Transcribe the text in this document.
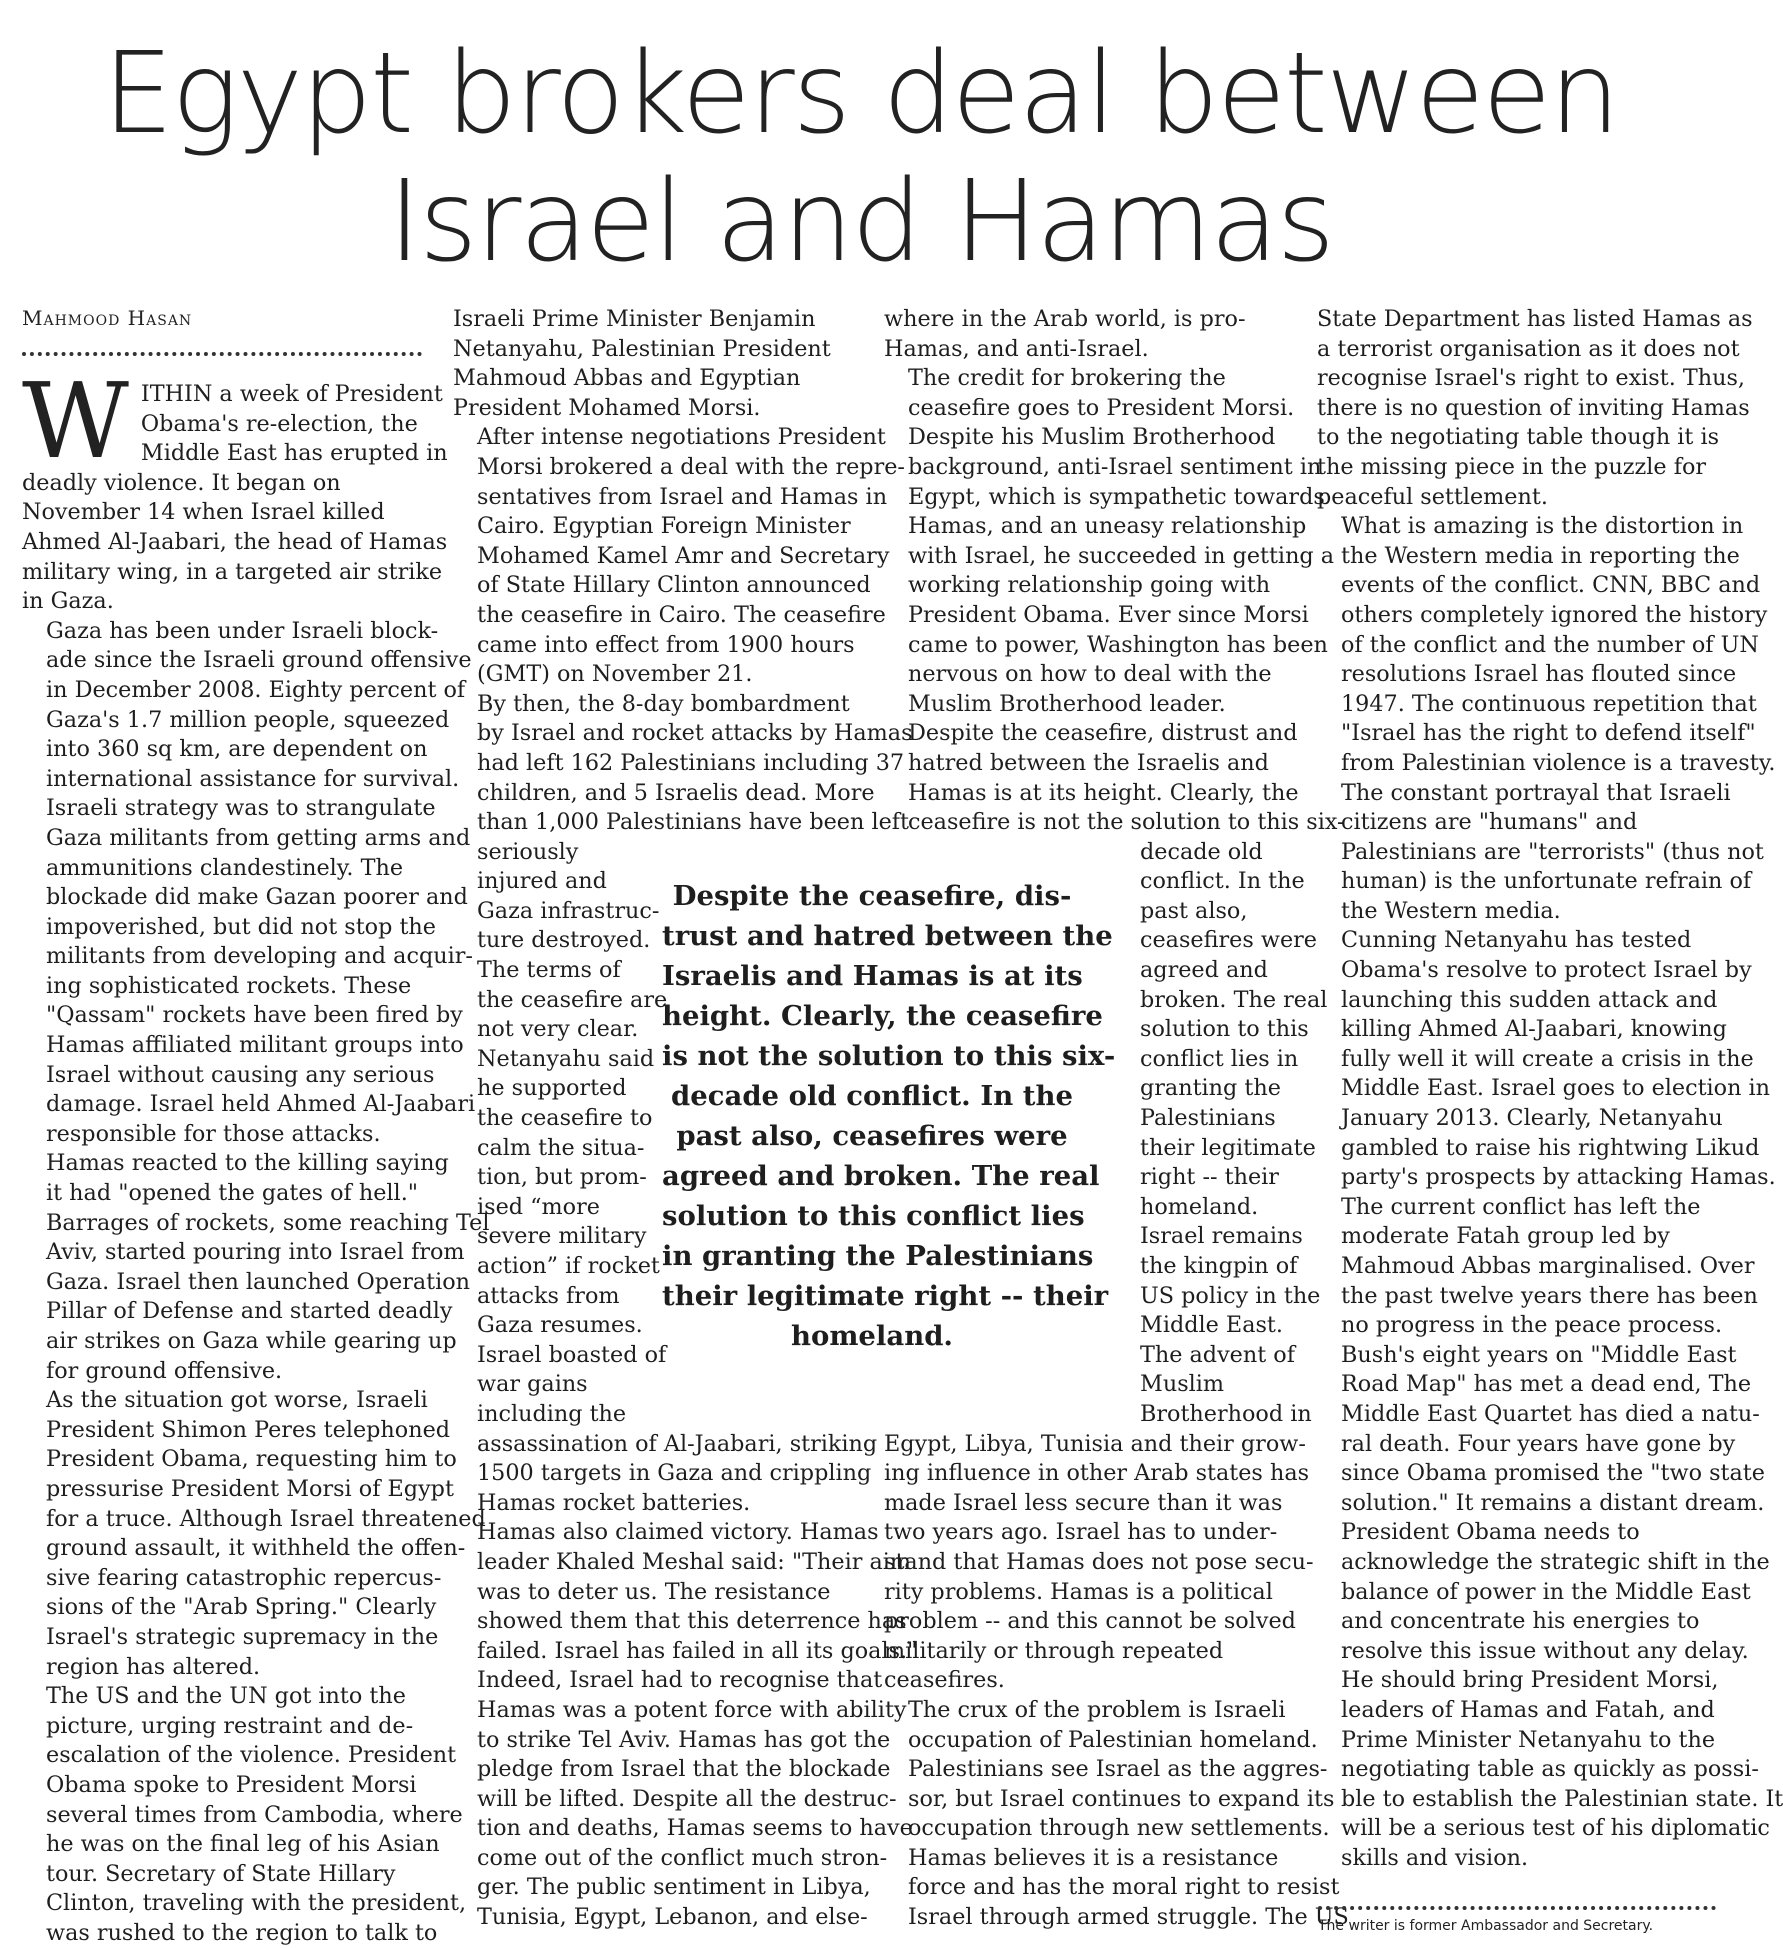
Egypt brokers deal between
Israel and Hamas
Mahmood Hasan
W ITHIN a week of President
Obama's re-election, the
Middle East has erupted in
deadly violence. It began on
November 14 when Israel killed
Ahmed Al-Jaabari, the head of Hamas
military wing, in a targeted air strike
in Gaza.

Gaza has been under Israeli block-
ade since the Israeli ground offensive
in December 2008. Eighty percent of
Gaza's 1.7 million people, squeezed
into 360 sq km, are dependent on
international assistance for survival.

Israeli strategy was to strangulate
Gaza militants from getting arms and
ammunitions clandestinely. The
blockade did make Gazan poorer and
impoverished, but did not stop the
militants from developing and acquir-
ing sophisticated rockets. These
"Qassam" rockets have been fired by
Hamas affiliated militant groups into
Israel without causing any serious
damage. Israel held Ahmed Al-Jaabari
responsible for those attacks.

Hamas reacted to the killing saying
it had "opened the gates of hell."
Barrages of rockets, some reaching Tel
Aviv, started pouring into Israel from
Gaza. Israel then launched Operation
Pillar of Defense and started deadly
air strikes on Gaza while gearing up
for ground offensive.

As the situation got worse, Israeli
President Shimon Peres telephoned
President Obama, requesting him to
pressurise President Morsi of Egypt
for a truce. Although Israel threatened
ground assault, it withheld the offen-
sive fearing catastrophic repercus-
sions of the "Arab Spring." Clearly
Israel's strategic supremacy in the
region has altered.

The US and the UN got into the
picture, urging restraint and de-
escalation of the violence. President
Obama spoke to President Morsi
several times from Cambodia, where
he was on the final leg of his Asian
tour. Secretary of State Hillary
Clinton, traveling with the president,
was rushed to the region to talk to

Israeli Prime Minister Benjamin
Netanyahu, Palestinian President
Mahmoud Abbas and Egyptian
President Mohamed Morsi.

After intense negotiations President
Morsi brokered a deal with the repre-
sentatives from Israel and Hamas in
Cairo. Egyptian Foreign Minister
Mohamed Kamel Amr and Secretary
of State Hillary Clinton announced
the ceasefire in Cairo. The ceasefire
came into effect from 1900 hours
(GMT) on November 21.

By then, the 8-day bombardment
by Israel and rocket attacks by Hamas
had left 162 Palestinians including 37
children, and 5 Israelis dead. More
than 1,000 Palestinians have been left
seriously
injured and
Gaza infrastruc-
ture destroyed.

The terms of
the ceasefire are
not very clear.
Netanyahu said
he supported
the ceasefire to
calm the situa-
tion, but prom-
ised “more
severe military
action” if rocket
attacks from
Gaza resumes.
Israel boasted of
war gains
including the
assassination of Al-Jaabari, striking
1500 targets in Gaza and crippling
Hamas rocket batteries.

Hamas also claimed victory. Hamas
leader Khaled Meshal said: "Their aim
was to deter us. The resistance
showed them that this deterrence has
failed. Israel has failed in all its goals."
Indeed, Israel had to recognise that
Hamas was a potent force with ability
to strike Tel Aviv. Hamas has got the
pledge from Israel that the blockade
will be lifted. Despite all the destruc-
tion and deaths, Hamas seems to have
come out of the conflict much stron-
ger. The public sentiment in Libya,
Tunisia, Egypt, Lebanon, and else-

where in the Arab world, is pro-
Hamas, and anti-Israel.

The credit for brokering the
ceasefire goes to President Morsi.
Despite his Muslim Brotherhood
background, anti-Israel sentiment in
Egypt, which is sympathetic towards
Hamas, and an uneasy relationship
with Israel, he succeeded in getting a
working relationship going with
President Obama. Ever since Morsi
came to power, Washington has been
nervous on how to deal with the
Muslim Brotherhood leader.

Despite the ceasefire, distrust and
hatred between the Israelis and
Hamas is at its height. Clearly, the
ceasefire is not the solution to this six-

decade old
conflict. In the
past also,
ceasefires were
agreed and
broken. The real
solution to this
conflict lies in
granting the
Palestinians
their legitimate
right -- their
homeland.

Israel remains
the kingpin of
US policy in the
Middle East.
The advent of
Muslim
Brotherhood in

Egypt, Libya, Tunisia and their grow-
ing influence in other Arab states has
made Israel less secure than it was
two years ago. Israel has to under-
stand that Hamas does not pose secu-
rity problems. Hamas is a political
problem -- and this cannot be solved
militarily or through repeated
ceasefires.

The crux of the problem is Israeli
occupation of Palestinian homeland.
Palestinians see Israel as the aggres-
sor, but Israel continues to expand its
occupation through new settlements.

Hamas believes it is a resistance
force and has the moral right to resist
Israel through armed struggle. The US

State Department has listed Hamas as
a terrorist organisation as it does not
recognise Israel's right to exist. Thus,
there is no question of inviting Hamas
to the negotiating table though it is
the missing piece in the puzzle for
peaceful settlement.

What is amazing is the distortion in
the Western media in reporting the
events of the conflict. CNN, BBC and
others completely ignored the history
of the conflict and the number of UN
resolutions Israel has flouted since
1947. The continuous repetition that
"Israel has the right to defend itself"
from Palestinian violence is a travesty.
The constant portrayal that Israeli
citizens are "humans" and
Palestinians are "terrorists" (thus not
human) is the unfortunate refrain of
the Western media.

Cunning Netanyahu has tested
Obama's resolve to protect Israel by
launching this sudden attack and
killing Ahmed Al-Jaabari, knowing
fully well it will create a crisis in the
Middle East. Israel goes to election in
January 2013. Clearly, Netanyahu
gambled to raise his rightwing Likud
party's prospects by attacking Hamas.

The current conflict has left the
moderate Fatah group led by
Mahmoud Abbas marginalised. Over
the past twelve years there has been
no progress in the peace process.
Bush's eight years on "Middle East
Road Map" has met a dead end, The
Middle East Quartet has died a natu-
ral death. Four years have gone by
since Obama promised the "two state
solution." It remains a distant dream.

President Obama needs to
acknowledge the strategic shift in the
balance of power in the Middle East
and concentrate his energies to
resolve this issue without any delay.
He should bring President Morsi,
leaders of Hamas and Fatah, and
Prime Minister Netanyahu to the
negotiating table as quickly as possi-
ble to establish the Palestinian state. It
will be a serious test of his diplomatic
skills and vision.

Despite the ceasefire, dis-
trust and hatred between the
Israelis and Hamas is at its
height. Clearly, the ceasefire
is not the solution to this six-
decade old conflict. In the
past also, ceasefires were
agreed and broken. The real
solution to this conflict lies
in granting the Palestinians
their legitimate right -- their
homeland.
The writer is former Ambassador and Secretary.
